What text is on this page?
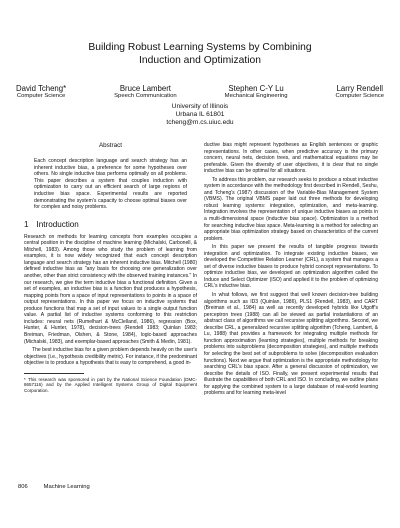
Building Robust Learning Systems by Combining
Induction and Optimization
David Tcheng*
Computer Science
Bruce Lambert
Speech Communication
Stephen C-Y Lu
Mechanical Engineering
Larry Rendell
Computer Science
University of Illinois
Urbana IL 61801
tcheng@m.cs.uiuc.edu
Abstract
Each concept description language and search strategy has an inherent inductive bias, a preference for some hypotheses over others. No single inductive bias performs optimally on all problems. This paper describes a system that couples induction with optimization to carry out an efficient search of large regions of inductive bias space. Experimental results are reported demonstrating the system's capacity to choose optimal biases over for complex and noisy problems.
1 Introduction

Research on methods for learning concepts from examples occupies a central position in the discipline of machine learning (Michalski, Carbonell, & Mitchell, 1983). Among those who study the problem of learning from examples, it is now widely recognized that each concept description language and search strategy has an inherent inductive bias. Mitchell (1980) defined inductive bias as "any basis for choosing one generalization over another, other than strict consistency with the observed training instances." In our research, we give the term inductive bias a functional definition. Given a set of examples, an inductive bias is a function that produces a hypothesis, mapping points from a space of input representations to points in a space of output representations. In this paper we focus on inductive systems that produce functions that map a set of input values to a single output function value. A partial list of inductive systems conforming to this restriction includes: neural nets (Rumelhart & McClelland, 1986), regression (Box, Hunter, & Hunter, 1978), decision-trees (Rendell 1983; Quinlan 1983; Breiman, Friedman, Olshen, & Stone, 1984), logic-based approaches (Michalski, 1983), and exemplar-based approaches (Smith & Medin, 1981).

The best inductive bias for a given problem depends heavily on the user's objectives (i.e., hypothesis credibility metric). For instance, if the predominant objective is to produce a hypothesis that is easy to comprehend, a good in-

* This research was sponsored in part by the National Science Foundation (DMC-8657116) and by the Applied Intelligent Systems Group of Digital Equipment Corporation.

ductive bias might represent hypotheses as English sentences or graphic representations. In other cases, when predictive accuracy is the primary concern, neural nets, decision trees, and mathematical equations may be preferable. Given the diversity of user objectives, it is clear that no single inductive bias can be optimal for all situations.

To address this problem, our research seeks to produce a robust inductive system in accordance with the methodology first described in Rendell, Seshu, and Tcheng's (1987) discussion of the Variable-Bias Management System (VBMS). The original VBMS paper laid out three methods for developing robust learning systems: integration, optimization, and meta-learning. Integration involves the representation of unique inductive biases as points in a multi-dimensional space (inductive bias space). Optimization is a method for searching inductive bias space. Meta-learning is a method for selecting an appropriate bias optimization strategy based on characteristics of the current problem.

In this paper we present the results of tangible progress towards integration and optimization. To integrate existing inductive biases, we developed the Competitive Relation Learner (CRL), a system that manages a set of diverse inductive biases to produce hybrid concept representations. To optimize inductive bias, we developed an optimization algorithm called the Induce and Select Optimizer (ISO) and applied it to the problem of optimizing CRL's inductive bias.

In what follows, we first suggest that well known decision-tree building algorithms such as ID3 (Quinlan, 1986), PLS1 (Rendell, 1983), and CART (Breiman et al., 1984) as well as recently developed hybrids like Utgoff's perceptron trees (1988) can all be viewed as partial instantiations of an abstract class of algorithms we call recursive splitting algorithms. Second, we describe CRL, a generalized recursive splitting algorithm (Tcheng, Lambert, & Lu, 1988) that provides a framework for integrating multiple methods for function approximation (learning strategies), multiple methods for breaking problems into subproblems (decomposition strategies), and multiple methods for selecting the best set of subproblems to solve (decomposition evaluation functions). Next we argue that optimization is the appropriate methodology for searching CRL's bias space. After a general discussion of optimization, we describe the details of ISO. Finally, we present experimental results that illustrate the capabilities of both CRL and ISO. In concluding, we outline plans for applying the combined system to a large database of real-world learning problems and for learning meta-level

806	Machine Learning
